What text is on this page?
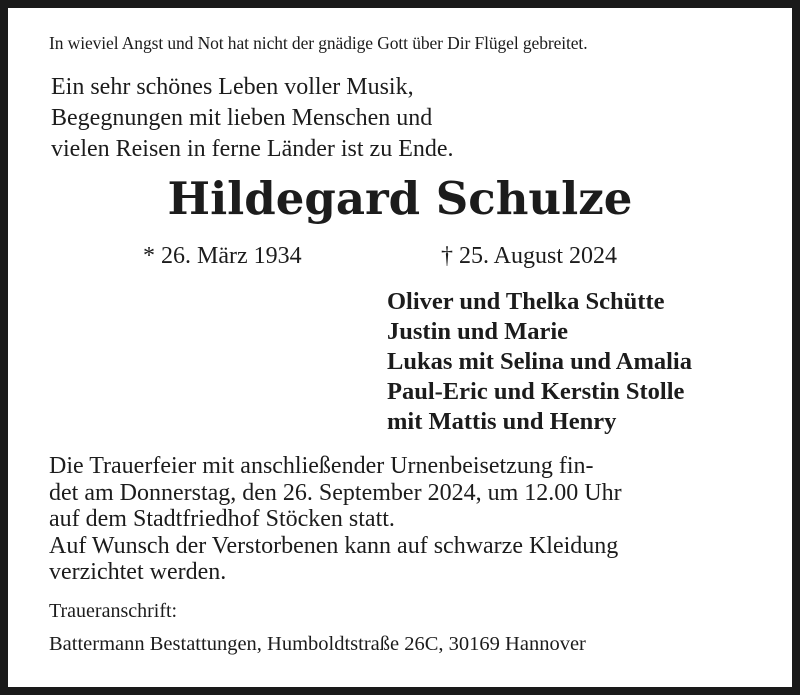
In wieviel Angst und Not hat nicht der gnädige Gott über Dir Flügel gebreitet.

Ein sehr schönes Leben voller Musik,
Begegnungen mit lieben Menschen und
vielen Reisen in ferne Länder ist zu Ende.
Hildegard Schulze

* 26. März 1934	† 25. August 2024

Oliver und Thelka Schütte
Justin und Marie
Lukas mit Selina und Amalia
Paul-Eric und Kerstin Stolle
mit Mattis und Henry
Die Trauerfeier mit anschließender Urnenbeisetzung fin-
det am Donnerstag, den 26. September 2024, um 12.00 Uhr
auf dem Stadtfriedhof Stöcken statt.
Auf Wunsch der Verstorbenen kann auf schwarze Kleidung
verzichtet werden.

Traueranschrift:

Battermann Bestattungen, Humboldtstraße 26C, 30169 Hannover
